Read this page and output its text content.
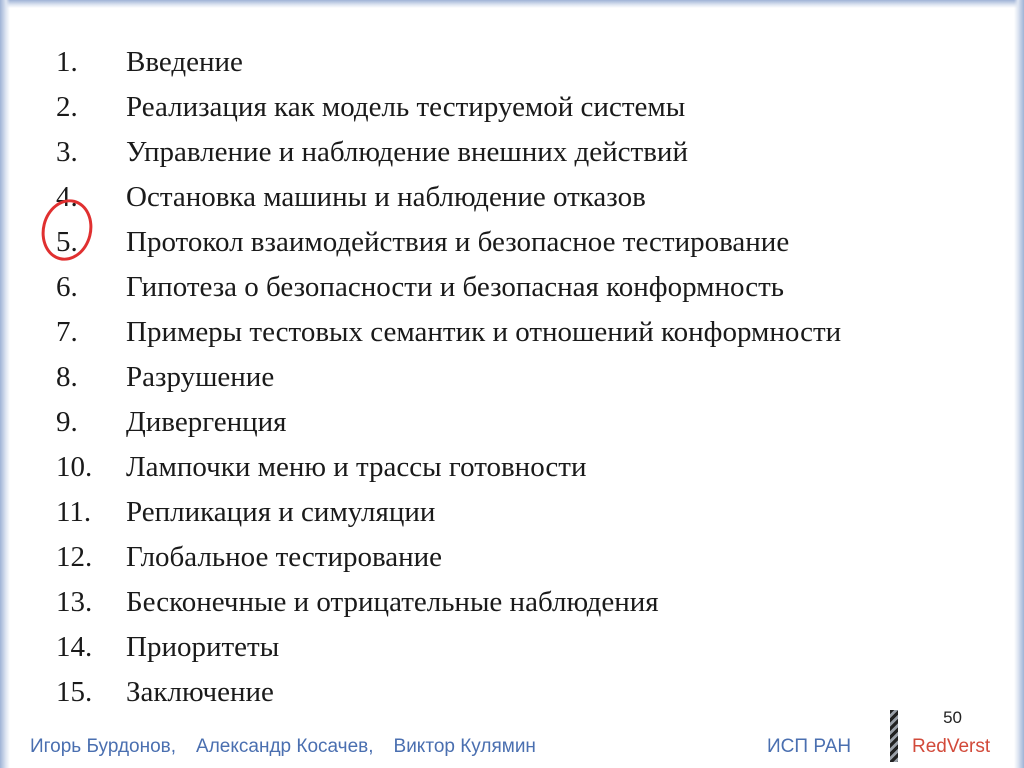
1. Введение
2. Реализация как модель тестируемой системы
3. Управление и наблюдение внешних действий
4. Остановка машины и наблюдение отказов
5. Протокол взаимодействия и безопасное тестирование
6. Гипотеза о безопасности и безопасная конформность
7. Примеры тестовых семантик и отношений конформности
8. Разрушение
9. Дивергенция
10. Лампочки меню и трассы готовности
11. Репликация и симуляции
12. Глобальное тестирование
13. Бесконечные и отрицательные наблюдения
14. Приоритеты
15. Заключение
50
Игорь Бурдонов, Александр Косачев, Виктор Кулямин	ИСП РАН	RedVerst
